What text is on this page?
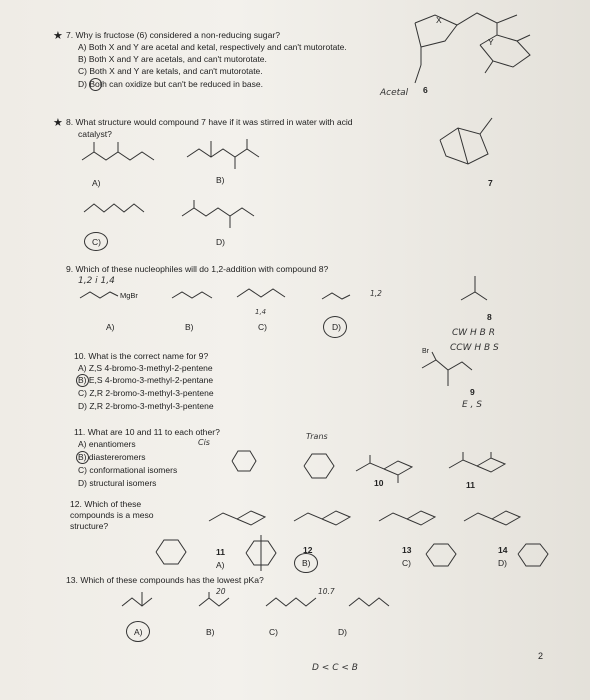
★ 7. Why is fructose (6) considered a non-reducing sugar?
A) Both X and Y are acetal and ketal, respectively and can't mutorotate.
B) Both X and Y are acetals, and can't mutorotate.
C) Both X and Y are ketals, and can't mutorotate.
D) Both can oxidize but can't be reduced in base.
X
Y
Acetal 6
★ 8. What structure would compound 7 have if it was stirred in water with acid
catalyst?
A)	B)
C)	D)
7
9. Which of these nucleophiles will do 1,2-addition with compound 8?
1,2 i 1,4
MgBr
1,4
1,2
A)	B)	C)	D)
8
CW H B R
CCW H B S
10. What is the correct name for 9?
A) Z,S 4-bromo-3-methyl-2-pentene
B) E,S 4-bromo-3-methyl-2-pentane
C) Z,R 2-bromo-3-methyl-3-pentene
D) Z,R 2-bromo-3-methyl-3-pentene
Br
9
E , S
11. What are 10 and 11 to each other?
A) enantiomers	Cis
B) diastereromers
C) conformational isomers
D) structural isomers
Trans
10	11
12. Which of these
compounds is a meso
structure?
11
A)
12
B)
13
C)
14
D)
13. Which of these compounds has the lowest pKa?
20	10.7
A)	B)	C)	D)
D < C < B
2
